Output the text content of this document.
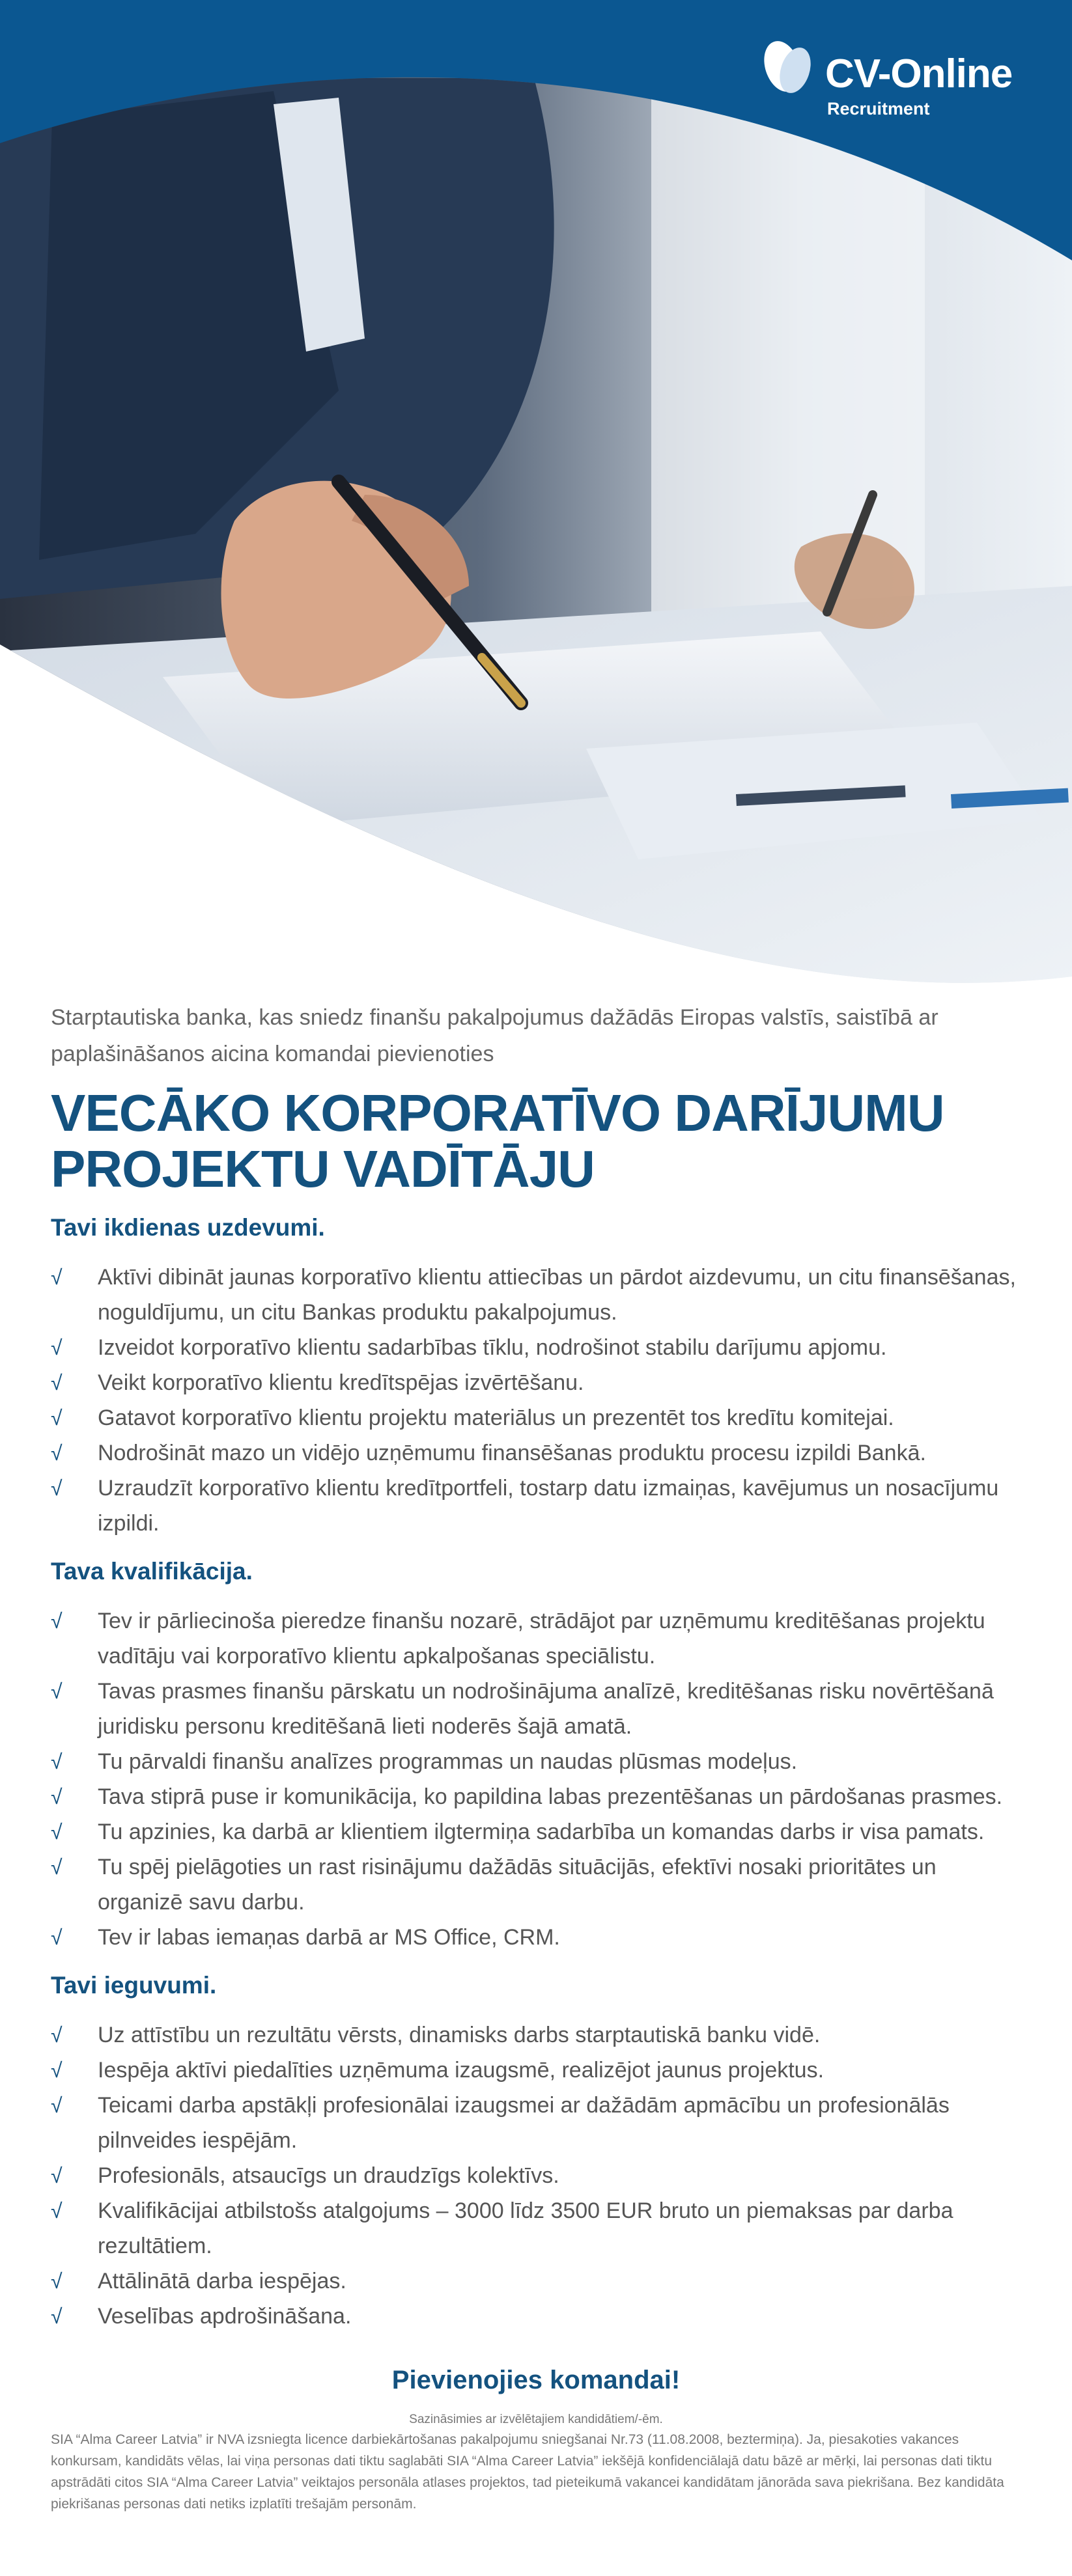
CV-Online
Recruitment

Starptautiska banka, kas sniedz finanšu pakalpojumus dažādās Eiropas valstīs, saistībā ar paplašināšanos aicina komandai pievienoties

VECĀKO KORPORATĪVO DARĪJUMU PROJEKTU VADĪTĀJU
Tavi ikdienas uzdevumi.
√	Aktīvi dibināt jaunas korporatīvo klientu attiecības un pārdot aizdevumu, un citu finansēšanas, noguldījumu, un citu Bankas produktu pakalpojumus.
√	Izveidot korporatīvo klientu sadarbības tīklu, nodrošinot stabilu darījumu apjomu.
√	Veikt korporatīvo klientu kredītspējas izvērtēšanu.
√	Gatavot korporatīvo klientu projektu materiālus un prezentēt tos kredītu komitejai.
√	Nodrošināt mazo un vidējo uzņēmumu finansēšanas produktu procesu izpildi Bankā.
√	Uzraudzīt korporatīvo klientu kredītportfeli, tostarp datu izmaiņas, kavējumus un nosacījumu izpildi.
Tava kvalifikācija.
√	Tev ir pārliecinoša pieredze finanšu nozarē, strādājot par uzņēmumu kreditēšanas projektu vadītāju vai korporatīvo klientu apkalpošanas speciālistu.
√	Tavas prasmes finanšu pārskatu un nodrošinājuma analīzē, kreditēšanas risku novērtēšanā juridisku personu kreditēšanā lieti noderēs šajā amatā.
√	Tu pārvaldi finanšu analīzes programmas un naudas plūsmas modeļus.
√	Tava stiprā puse ir komunikācija, ko papildina labas prezentēšanas un pārdošanas prasmes.
√	Tu apzinies, ka darbā ar klientiem ilgtermiņa sadarbība un komandas darbs ir visa pamats.
√	Tu spēj pielāgoties un rast risinājumu dažādās situācijās, efektīvi nosaki prioritātes un organizē savu darbu.
√	Tev ir labas iemaņas darbā ar MS Office, CRM.
Tavi ieguvumi.
√	Uz attīstību un rezultātu vērsts, dinamisks darbs starptautiskā banku vidē.
√	Iespēja aktīvi piedalīties uzņēmuma izaugsmē, realizējot jaunus projektus.
√	Teicami darba apstākļi profesionālai izaugsmei ar dažādām apmācību un profesionālās pilnveides iespējām.
√	Profesionāls, atsaucīgs un draudzīgs kolektīvs.
√	Kvalifikācijai atbilstošs atalgojums – 3000 līdz 3500 EUR bruto un piemaksas par darba rezultātiem.
√	Attālinātā darba iespējas.
√	Veselības apdrošināšana.
Pievienojies komandai!
Sazināsimies ar izvēlētajiem kandidātiem/-ēm.

SIA “Alma Career Latvia” ir NVA izsniegta licence darbiekārtošanas pakalpojumu sniegšanai Nr.73 (11.08.2008, beztermiņa). Ja, piesakoties vakances konkursam, kandidāts vēlas, lai viņa personas dati tiktu saglabāti SIA “Alma Career Latvia” iekšējā konfidenciālajā datu bāzē ar mērķi, lai personas dati tiktu apstrādāti citos SIA “Alma Career Latvia” veiktajos personāla atlases projektos, tad pieteikumā vakancei kandidātam jānorāda sava piekrišana. Bez kandidāta piekrišanas personas dati netiks izplatīti trešajām personām.
